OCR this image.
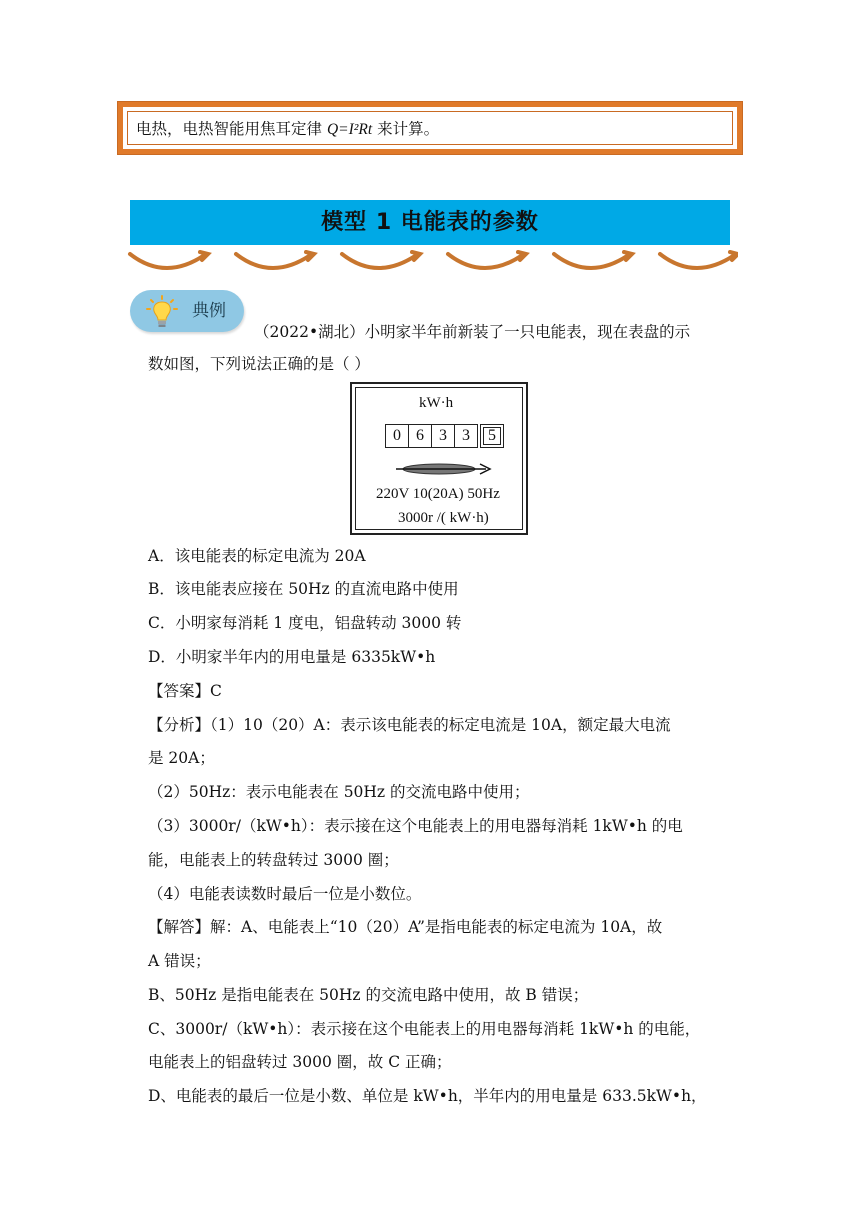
电热，电热智能用焦耳定律 Q=I²Rt 来计算。
模型 1 电能表的参数
典例
（2022•湖北）小明家半年前新装了一只电能表，现在表盘的示
数如图，下列说法正确的是（ ）
kW·h
0 6 3 3	5
220V 10(20A) 50Hz
3000r /( kW·h)
A．该电能表的标定电流为 20A
B．该电能表应接在 50Hz 的直流电路中使用
C．小明家每消耗 1 度电，铝盘转动 3000 转
D．小明家半年内的用电量是 6335kW•h
【答案】C
【分析】（1）10（20）A：表示该电能表的标定电流是 10A，额定最大电流
是 20A；
（2）50Hz：表示电能表在 50Hz 的交流电路中使用；
（3）3000r/（kW•h）：表示接在这个电能表上的用电器每消耗 1kW•h 的电
能，电能表上的转盘转过 3000 圈；
（4）电能表读数时最后一位是小数位。
【解答】解：A、电能表上“10（20）A”是指电能表的标定电流为 10A，故
A 错误；
B、50Hz 是指电能表在 50Hz 的交流电路中使用，故 B 错误；
C、3000r/（kW•h）：表示接在这个电能表上的用电器每消耗 1kW•h 的电能，
电能表上的铝盘转过 3000 圈，故 C 正确；
D、电能表的最后一位是小数、单位是 kW•h，半年内的用电量是 633.5kW•h，
